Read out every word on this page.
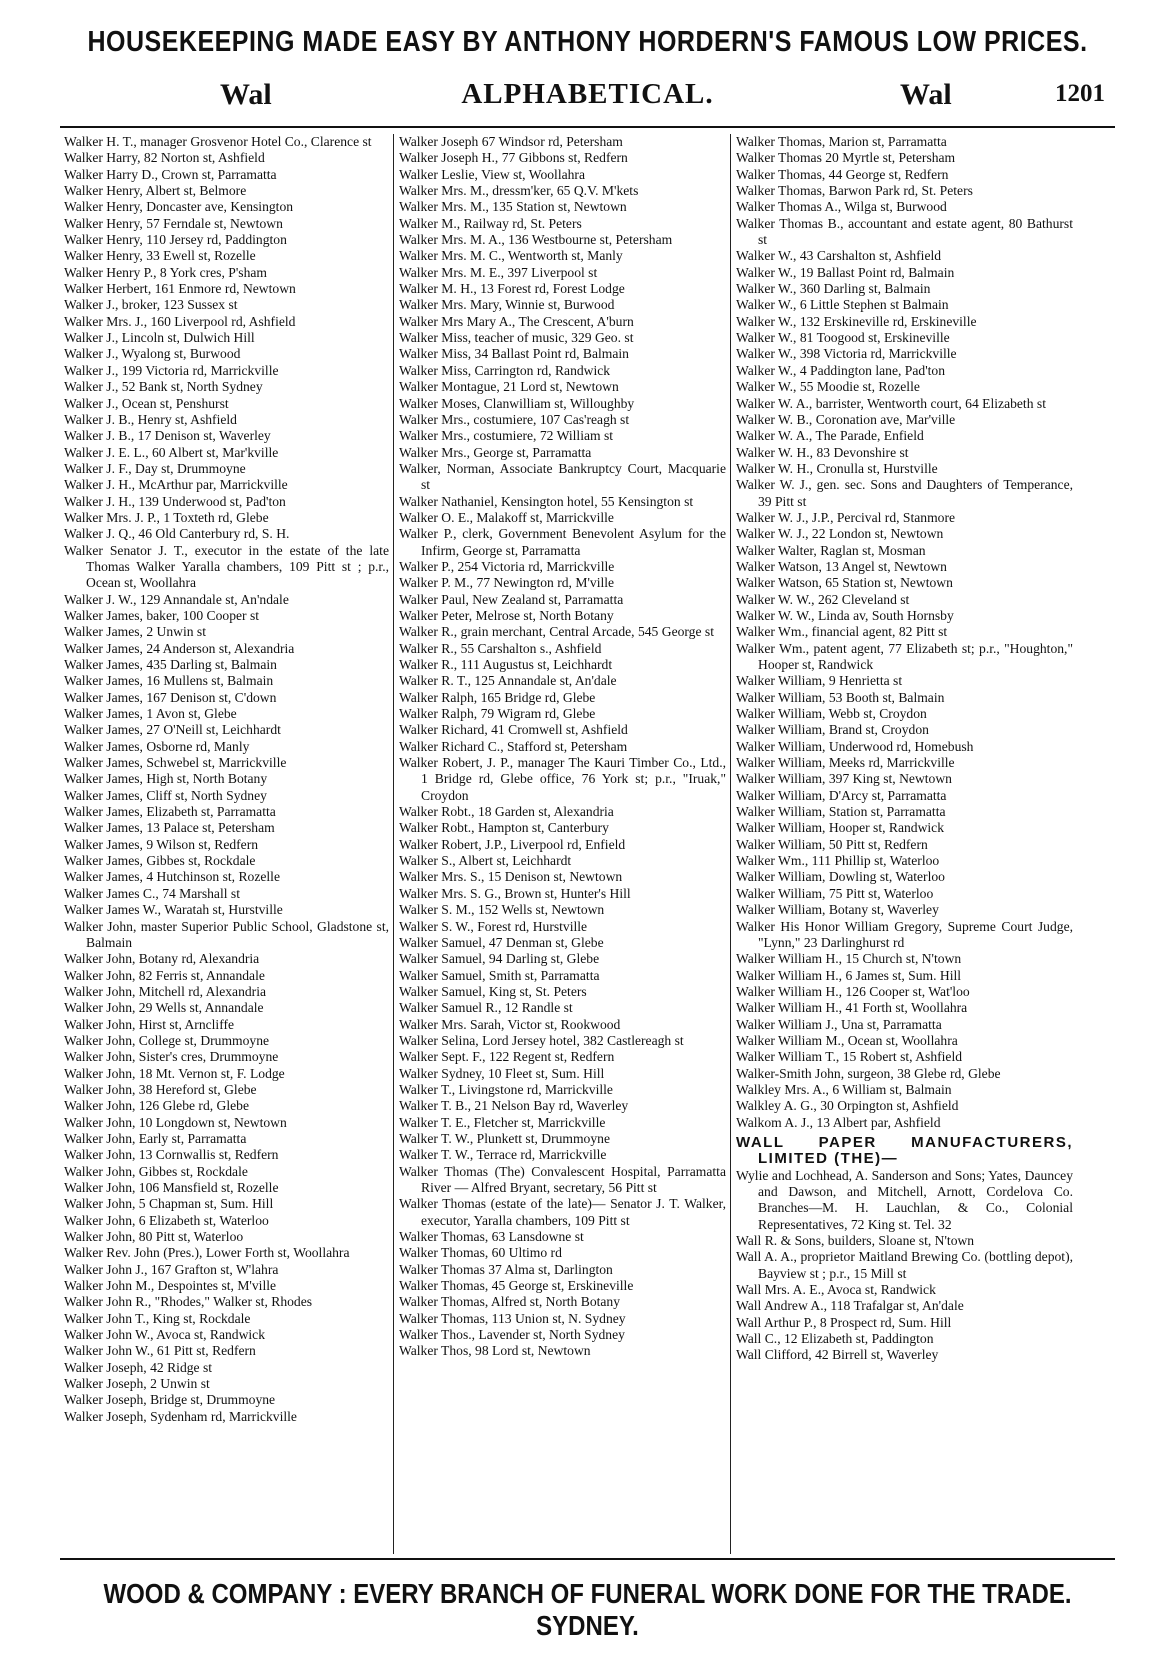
HOUSEKEEPING MADE EASY BY ANTHONY HORDERN'S FAMOUS LOW PRICES.
ALPHABETICAL.
Wal	Wal	1201
Walker H. T., manager Grosvenor Hotel Co., Clarence st
Walker Harry, 82 Norton st, Ashfield
Walker Harry D., Crown st, Parramatta
Walker Henry, Albert st, Belmore
Walker Henry, Doncaster ave, Kensington
Walker Henry, 57 Ferndale st, Newtown
Walker Henry, 110 Jersey rd, Paddington
Walker Henry, 33 Ewell st, Rozelle
Walker Henry P., 8 York cres, P'sham
Walker Herbert, 161 Enmore rd, Newtown
Walker J., broker, 123 Sussex st
Walker Mrs. J., 160 Liverpool rd, Ashfield
Walker J., Lincoln st, Dulwich Hill
Walker J., Wyalong st, Burwood
Walker J., 199 Victoria rd, Marrickville
Walker J., 52 Bank st, North Sydney
Walker J., Ocean st, Penshurst
Walker J. B., Henry st, Ashfield
Walker J. B., 17 Denison st, Waverley
Walker J. E. L., 60 Albert st, Mar'kville
Walker J. F., Day st, Drummoyne
Walker J. H., McArthur par, Marrickville
Walker J. H., 139 Underwood st, Pad'ton
Walker Mrs. J. P., 1 Toxteth rd, Glebe
Walker J. Q., 46 Old Canterbury rd, S. H.
Walker Senator J. T., executor in the estate of the late Thomas Walker Yaralla chambers, 109 Pitt st ; p.r., Ocean st, Woollahra
Walker J. W., 129 Annandale st, An'ndale
Walker James, baker, 100 Cooper st
Walker James, 2 Unwin st
Walker James, 24 Anderson st, Alexandria
Walker James, 435 Darling st, Balmain
Walker James, 16 Mullens st, Balmain
Walker James, 167 Denison st, C'down
Walker James, 1 Avon st, Glebe
Walker James, 27 O'Neill st, Leichhardt
Walker James, Osborne rd, Manly
Walker James, Schwebel st, Marrickville
Walker James, High st, North Botany
Walker James, Cliff st, North Sydney
Walker James, Elizabeth st, Parramatta
Walker James, 13 Palace st, Petersham
Walker James, 9 Wilson st, Redfern
Walker James, Gibbes st, Rockdale
Walker James, 4 Hutchinson st, Rozelle
Walker James C., 74 Marshall st
Walker James W., Waratah st, Hurstville
Walker John, master Superior Public School, Gladstone st, Balmain
Walker John, Botany rd, Alexandria
Walker John, 82 Ferris st, Annandale
Walker John, Mitchell rd, Alexandria
Walker John, 29 Wells st, Annandale
Walker John, Hirst st, Arncliffe
Walker John, College st, Drummoyne
Walker John, Sister's cres, Drummoyne
Walker John, 18 Mt. Vernon st, F. Lodge
Walker John, 38 Hereford st, Glebe
Walker John, 126 Glebe rd, Glebe
Walker John, 10 Longdown st, Newtown
Walker John, Early st, Parramatta
Walker John, 13 Cornwallis st, Redfern
Walker John, Gibbes st, Rockdale
Walker John, 106 Mansfield st, Rozelle
Walker John, 5 Chapman st, Sum. Hill
Walker John, 6 Elizabeth st, Waterloo
Walker John, 80 Pitt st, Waterloo
Walker Rev. John (Pres.), Lower Forth st, Woollahra
Walker John J., 167 Grafton st, W'lahra
Walker John M., Despointes st, M'ville
Walker John R., "Rhodes," Walker st, Rhodes
Walker John T., King st, Rockdale
Walker John W., Avoca st, Randwick
Walker John W., 61 Pitt st, Redfern
Walker Joseph, 42 Ridge st
Walker Joseph, 2 Unwin st
Walker Joseph, Bridge st, Drummoyne
Walker Joseph, Sydenham rd, Marrickville
Walker Joseph 67 Windsor rd, Petersham
Walker Joseph H., 77 Gibbons st, Redfern
Walker Leslie, View st, Woollahra
Walker Mrs. M., dressm'ker, 65 Q.V. M'kets
Walker Mrs. M., 135 Station st, Newtown
Walker M., Railway rd, St. Peters
Walker Mrs. M. A., 136 Westbourne st, Petersham
Walker Mrs. M. C., Wentworth st, Manly
Walker Mrs. M. E., 397 Liverpool st
Walker M. H., 13 Forest rd, Forest Lodge
Walker Mrs. Mary, Winnie st, Burwood
Walker Mrs Mary A., The Crescent, A'burn
Walker Miss, teacher of music, 329 Geo. st
Walker Miss, 34 Ballast Point rd, Balmain
Walker Miss, Carrington rd, Randwick
Walker Montague, 21 Lord st, Newtown
Walker Moses, Clanwilliam st, Willoughby
Walker Mrs., costumiere, 107 Cas'reagh st
Walker Mrs., costumiere, 72 William st
Walker Mrs., George st, Parramatta
Walker, Norman, Associate Bankruptcy Court, Macquarie st
Walker Nathaniel, Kensington hotel, 55 Kensington st
Walker O. E., Malakoff st, Marrickville
Walker P., clerk, Government Benevolent Asylum for the Infirm, George st, Parramatta
Walker P., 254 Victoria rd, Marrickville
Walker P. M., 77 Newington rd, M'ville
Walker Paul, New Zealand st, Parramatta
Walker Peter, Melrose st, North Botany
Walker R., grain merchant, Central Arcade, 545 George st
Walker R., 55 Carshalton s., Ashfield
Walker R., 111 Augustus st, Leichhardt
Walker R. T., 125 Annandale st, An'dale
Walker Ralph, 165 Bridge rd, Glebe
Walker Ralph, 79 Wigram rd, Glebe
Walker Richard, 41 Cromwell st, Ashfield
Walker Richard C., Stafford st, Petersham
Walker Robert, J. P., manager The Kauri Timber Co., Ltd., 1 Bridge rd, Glebe office, 76 York st; p.r., "Iruak," Croydon
Walker Robt., 18 Garden st, Alexandria
Walker Robt., Hampton st, Canterbury
Walker Robert, J.P., Liverpool rd, Enfield
Walker S., Albert st, Leichhardt
Walker Mrs. S., 15 Denison st, Newtown
Walker Mrs. S. G., Brown st, Hunter's Hill
Walker S. M., 152 Wells st, Newtown
Walker S. W., Forest rd, Hurstville
Walker Samuel, 47 Denman st, Glebe
Walker Samuel, 94 Darling st, Glebe
Walker Samuel, Smith st, Parramatta
Walker Samuel, King st, St. Peters
Walker Samuel R., 12 Randle st
Walker Mrs. Sarah, Victor st, Rookwood
Walker Selina, Lord Jersey hotel, 382 Castlereagh st
Walker Sept. F., 122 Regent st, Redfern
Walker Sydney, 10 Fleet st, Sum. Hill
Walker T., Livingstone rd, Marrickville
Walker T. B., 21 Nelson Bay rd, Waverley
Walker T. E., Fletcher st, Marrickville
Walker T. W., Plunkett st, Drummoyne
Walker T. W., Terrace rd, Marrickville
Walker Thomas (The) Convalescent Hospital, Parramatta River — Alfred Bryant, secretary, 56 Pitt st
Walker Thomas (estate of the late)— Senator J. T. Walker, executor, Yaralla chambers, 109 Pitt st
Walker Thomas, 63 Lansdowne st
Walker Thomas, 60 Ultimo rd
Walker Thomas 37 Alma st, Darlington
Walker Thomas, 45 George st, Erskineville
Walker Thomas, Alfred st, North Botany
Walker Thomas, 113 Union st, N. Sydney
Walker Thos., Lavender st, North Sydney
Walker Thos, 98 Lord st, Newtown
Walker Thomas, Marion st, Parramatta
Walker Thomas 20 Myrtle st, Petersham
Walker Thomas, 44 George st, Redfern
Walker Thomas, Barwon Park rd, St. Peters
Walker Thomas A., Wilga st, Burwood
Walker Thomas B., accountant and estate agent, 80 Bathurst st
Walker W., 43 Carshalton st, Ashfield
Walker W., 19 Ballast Point rd, Balmain
Walker W., 360 Darling st, Balmain
Walker W., 6 Little Stephen st Balmain
Walker W., 132 Erskineville rd, Erskineville
Walker W., 81 Toogood st, Erskineville
Walker W., 398 Victoria rd, Marrickville
Walker W., 4 Paddington lane, Pad'ton
Walker W., 55 Moodie st, Rozelle
Walker W. A., barrister, Wentworth court, 64 Elizabeth st
Walker W. B., Coronation ave, Mar'ville
Walker W. A., The Parade, Enfield
Walker W. H., 83 Devonshire st
Walker W. H., Cronulla st, Hurstville
Walker W. J., gen. sec. Sons and Daughters of Temperance, 39 Pitt st
Walker W. J., J.P., Percival rd, Stanmore
Walker W. J., 22 London st, Newtown
Walker Walter, Raglan st, Mosman
Walker Watson, 13 Angel st, Newtown
Walker Watson, 65 Station st, Newtown
Walker W. W., 262 Cleveland st
Walker W. W., Linda av, South Hornsby
Walker Wm., financial agent, 82 Pitt st
Walker Wm., patent agent, 77 Elizabeth st; p.r., "Houghton," Hooper st, Randwick
Walker William, 9 Henrietta st
Walker William, 53 Booth st, Balmain
Walker William, Webb st, Croydon
Walker William, Brand st, Croydon
Walker William, Underwood rd, Homebush
Walker William, Meeks rd, Marrickville
Walker William, 397 King st, Newtown
Walker William, D'Arcy st, Parramatta
Walker William, Station st, Parramatta
Walker William, Hooper st, Randwick
Walker William, 50 Pitt st, Redfern
Walker Wm., 111 Phillip st, Waterloo
Walker William, Dowling st, Waterloo
Walker William, 75 Pitt st, Waterloo
Walker William, Botany st, Waverley
Walker His Honor William Gregory, Supreme Court Judge, "Lynn," 23 Darlinghurst rd
Walker William H., 15 Church st, N'town
Walker William H., 6 James st, Sum. Hill
Walker William H., 126 Cooper st, Wat'loo
Walker William H., 41 Forth st, Woollahra
Walker William J., Una st, Parramatta
Walker William M., Ocean st, Woollahra
Walker William T., 15 Robert st, Ashfield
Walker-Smith John, surgeon, 38 Glebe rd, Glebe
Walkley Mrs. A., 6 William st, Balmain
Walkley A. G., 30 Orpington st, Ashfield
Walkom A. J., 13 Albert par, Ashfield
WALL PAPER MANUFACTURERS, LIMITED (THE)—
Wylie and Lochhead, A. Sanderson and Sons; Yates, Dauncey and Dawson, and Mitchell, Arnott, Cordelova Co. Branches—M. H. Lauchlan, & Co., Colonial Representatives, 72 King st. Tel. 32
Wall R. & Sons, builders, Sloane st, N'town
Wall A. A., proprietor Maitland Brewing Co. (bottling depot), Bayview st ; p.r., 15 Mill st
Wall Mrs. A. E., Avoca st, Randwick
Wall Andrew A., 118 Trafalgar st, An'dale
Wall Arthur P., 8 Prospect rd, Sum. Hill
Wall C., 12 Elizabeth st, Paddington
Wall Clifford, 42 Birrell st, Waverley
WOOD & COMPANY : EVERY BRANCH OF FUNERAL WORK DONE FOR THE TRADE. SYDNEY.
